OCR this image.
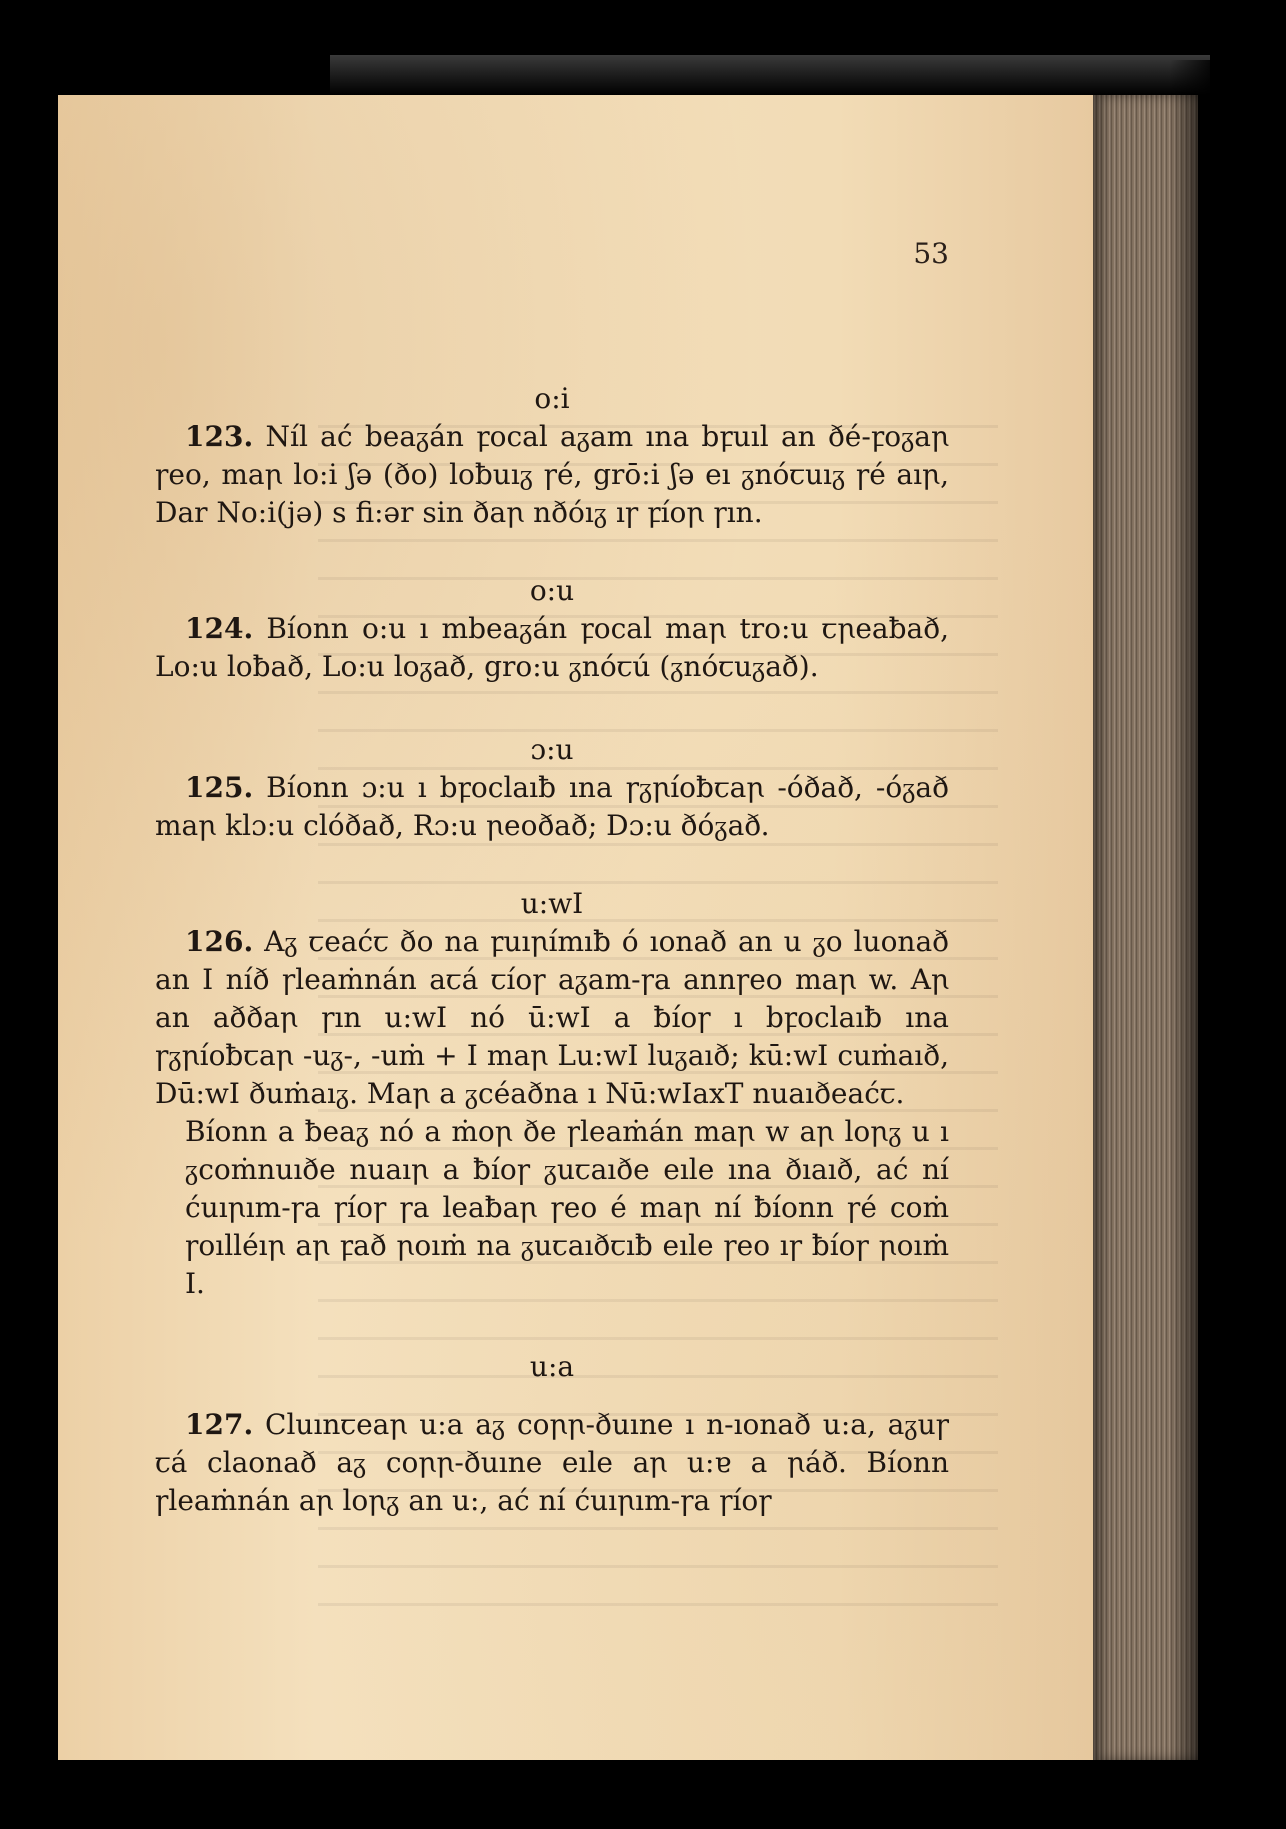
53

o:i

123. Níl ać beaᵹán ꝼocal aᵹam ına bꝼuıl an ðé-ꝼoᵹaꞃ ꞅeo, maꞃ lo:i ʃə (ðo) loƀuıᵹ ꞅé, grō:i ʃə eı ᵹnóꞇuıᵹ ꞅé aıꞃ, Dar No:i(jə) s fi:ər sin ðaꞃ nðóıᵹ ıꞅ ꝼíoꞃ ꞅın.

o:u

124. Bíonn o:u ı mbeaᵹán ꝼocal maꞃ tro:u ꞇꞃeaƀað, Lo:u loƀað, Lo:u loᵹað, gro:u ᵹnóꞇú (ᵹnóꞇuᵹað).

ɔ:u

125. Bíonn ɔ:u ı bꝼoclaıƀ ına ꞅᵹꞃíoƀꞇaꞃ -óðað, -óᵹað maꞃ klɔ:u clóðað, Rɔ:u ꞃeoðað; Dɔ:u ðóᵹað.

u:wI

126. Aᵹ ꞇeaćꞇ ðo na ꝼuıꞃímıƀ ó ıonað an u ᵹo luonað an I níð ꞅleaṁnán aꞇá ꞇíoꞅ aᵹam-ꞅa annꞅeo maꞃ w. Aꞃ an aððaꞃ ꞅın u:wI nó ū:wI a ƀíoꞅ ı bꝼoclaıƀ ına ꞅᵹꞃíoƀꞇaꞃ -uᵹ-, -uṁ + I maꞃ Lu:wI luᵹaıð; kū:wI cuṁaıð, Dū:wI ðuṁaıᵹ. Maꞃ a ᵹcéaðna ı Nū:wIaxT nuaıðeaćꞇ.

Bíonn a ƀeaᵹ nó a ṁoꞃ ðe ꞅleaṁán maꞃ w aꞃ loꞃᵹ u ı ᵹcoṁnuıðe nuaıꞃ a ƀíoꞅ ᵹuꞇaıðe eıle ına ðıaıð, ać ní ćuıꞃım-ꞅa ꞅíoꞅ ꞅa leaƀaꞃ ꞅeo é maꞃ ní ƀíonn ꞅé coṁ ꞅoılléıꞃ aꞃ ꝼað ꞃoıṁ na ᵹuꞇaıðꞇıƀ eıle ꞅeo ıꞅ ƀíoꞅ ꞃoıṁ I.

u:a

127. Cluınꞇeaꞃ u:a aᵹ coꞃꞃ-ðuıne ı n-ıonað u:a, aᵹuꞅ ꞇá claonað aᵹ coꞃꞃ-ðuıne eıle aꞃ u:ɐ a ꞃáð. Bíonn ꞅleaṁnán aꞃ loꞃᵹ an u:, ać ní ćuıꞃım-ꞅa ꞅíoꞅ
